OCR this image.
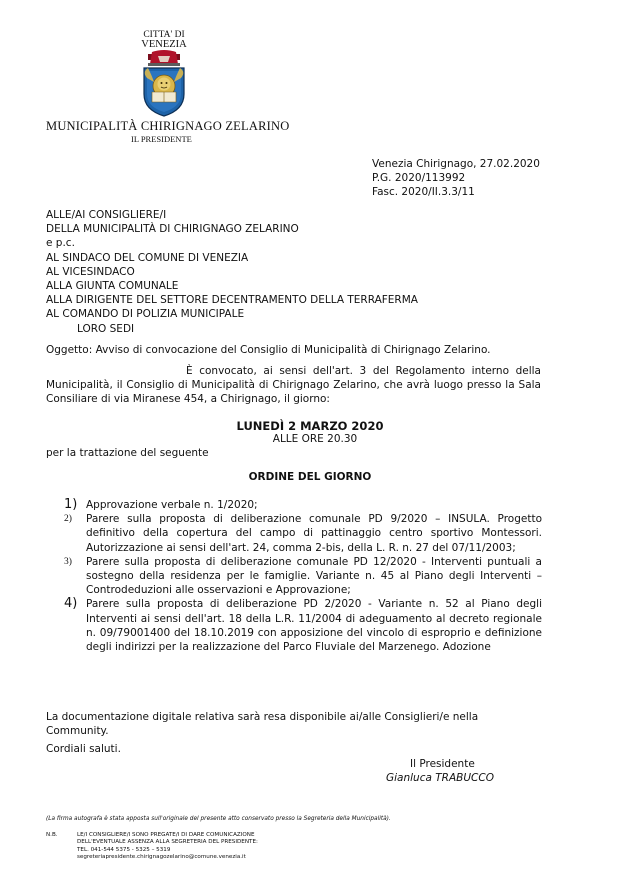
CITTA' DI
VENEZIA
MUNICIPALITÀ CHIRIGNAGO ZELARINO
IL PRESIDENTE
Venezia Chirignago, 27.02.2020
P.G. 2020/113992
Fasc. 2020/II.3.3/11
ALLE/AI CONSIGLIERE/I
DELLA MUNICIPALITÀ DI CHIRIGNAGO ZELARINO
e p.c.
AL SINDACO DEL COMUNE DI VENEZIA
AL VICESINDACO
ALLA GIUNTA COMUNALE
ALLA DIRIGENTE DEL SETTORE DECENTRAMENTO DELLA TERRAFERMA
AL COMANDO DI POLIZIA MUNICIPALE
LORO SEDI
Oggetto: Avviso di convocazione del Consiglio di Municipalità di Chirignago Zelarino.
È convocato, ai sensi dell'art. 3 del Regolamento interno della Municipalità, il Consiglio di Municipalità di Chirignago Zelarino, che avrà luogo presso la Sala Consiliare di via Miranese 454, a Chirignago, il giorno:
LUNEDÌ 2 MARZO 2020
ALLE ORE 20.30
per la trattazione del seguente
ORDINE DEL GIORNO
1) Approvazione verbale n. 1/2020;
2)	Parere sulla proposta di deliberazione comunale PD 9/2020 – INSULA. Progetto definitivo della copertura del campo di pattinaggio centro sportivo Montessori. Autorizzazione ai sensi dell'art. 24, comma 2-bis, della L. R. n. 27 del 07/11/2003;
3)	Parere sulla proposta di deliberazione comunale PD 12/2020 - Interventi puntuali a sostegno della residenza per le famiglie. Variante n. 45 al Piano degli Interventi – Controdeduzioni alle osservazioni e Approvazione;
4) Parere sulla proposta di deliberazione PD 2/2020 - Variante n. 52 al Piano degli Interventi ai sensi dell'art. 18 della L.R. 11/2004 di adeguamento al decreto regionale n. 09/79001400 del 18.10.2019 con apposizione del vincolo di esproprio e definizione degli indirizzi per la realizzazione del Parco Fluviale del Marzenego. Adozione
La documentazione digitale relativa sarà resa disponibile ai/alle Consiglieri/e nella Community.
Cordiali saluti.
Il Presidente
Gianluca TRABUCCO
(La firma autografa è stata apposta sull'originale del presente atto conservato presso la Segreteria della Municipalità).
N.B.	LE/I CONSIGLIERE/I SONO PREGATE/I DI DARE COMUNICAZIONE
DELL'EVENTUALE ASSENZA ALLA SEGRETERIA DEL PRESIDENTE:
TEL. 041-544 5375 - 5325 – 5319
segreteriapresidente.chirignagozelarino@comune.venezia.it
